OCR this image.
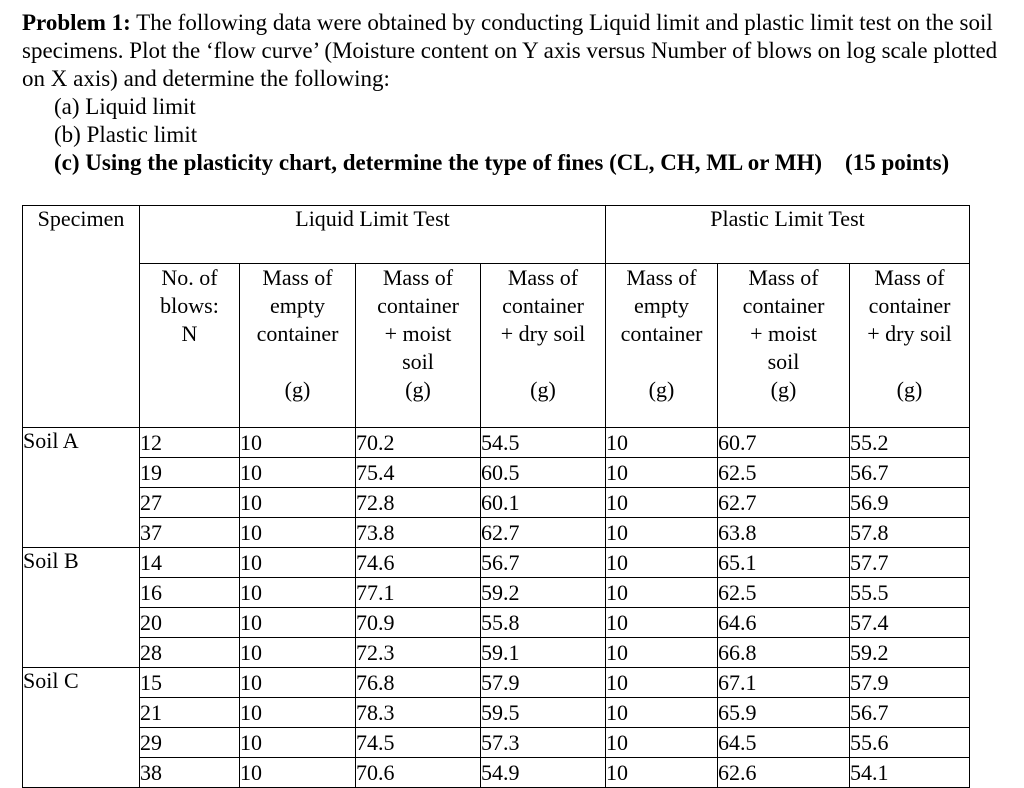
Problem 1: The following data were obtained by conducting Liquid limit and plastic limit test on the soil specimens. Plot the ‘flow curve’ (Moisture content on Y axis versus Number of blows on log scale plotted on X axis) and determine the following:

(a) Liquid limit
(b) Plastic limit
(c) Using the plasticity chart, determine the type of fines (CL, CH, ML or MH) (15 points)
Specimen	Liquid Limit Test				Plastic Limit Test		

	No. of
blows:
N	Mass of
empty
container
(g)	Mass of
container
+ moist
soil
(g)	Mass of
container
+ dry soil
(g)	Mass of
empty
container
(g)	Mass of
container
+ moist
soil
(g)	Mass of
container
+ dry soil
(g)

Soil A	12	10	70.2	54.5	10	60.7	55.2
	19	10	75.4	60.5	10	62.5	56.7
	27	10	72.8	60.1	10	62.7	56.9
	37	10	73.8	62.7	10	63.8	57.8
Soil B	14	10	74.6	56.7	10	65.1	57.7
	16	10	77.1	59.2	10	62.5	55.5
	20	10	70.9	55.8	10	64.6	57.4
	28	10	72.3	59.1	10	66.8	59.2
Soil C	15	10	76.8	57.9	10	67.1	57.9
	21	10	78.3	59.5	10	65.9	56.7
	29	10	74.5	57.3	10	64.5	55.6
	38	10	70.6	54.9	10	62.6	54.1
